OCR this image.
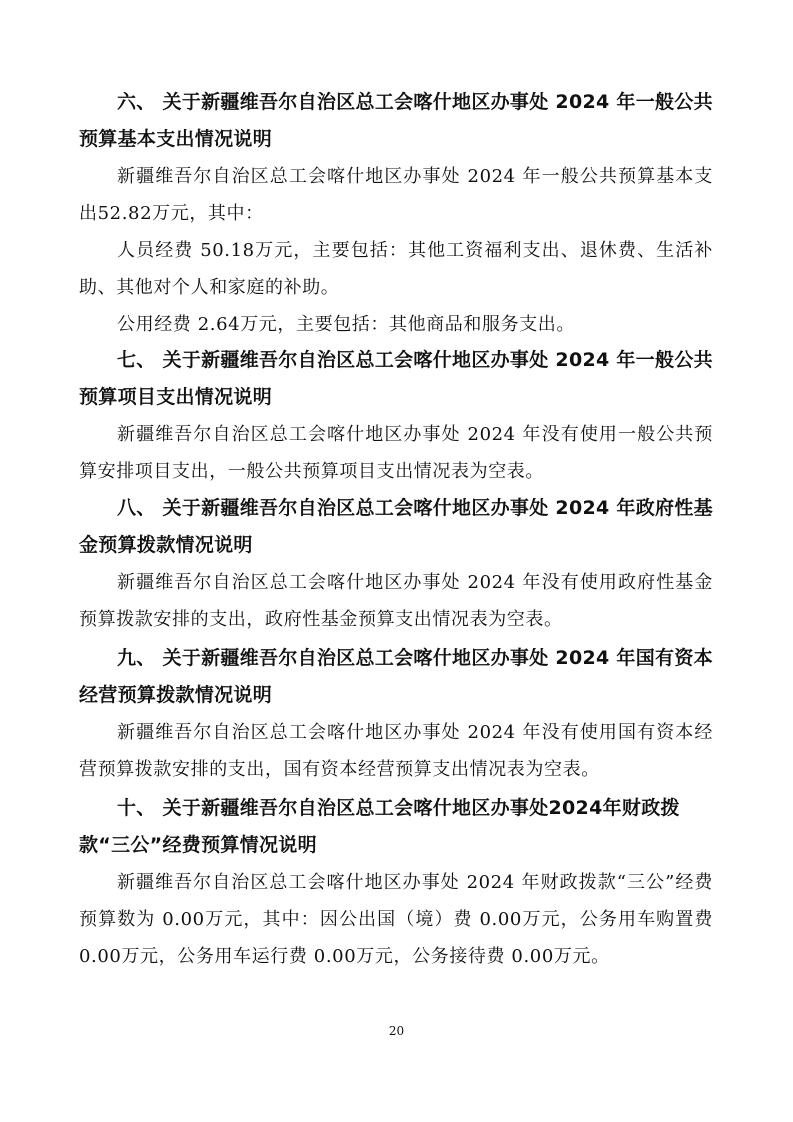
六、 关于新疆维吾尔自治区总工会喀什地区办事处 2024 年一般公共预算基本支出情况说明

新疆维吾尔自治区总工会喀什地区办事处 2024 年一般公共预算基本支出52.82万元，其中：

人员经费 50.18万元，主要包括：其他工资福利支出、退休费、生活补助、其他对个人和家庭的补助。

公用经费 2.64万元，主要包括：其他商品和服务支出。

七、 关于新疆维吾尔自治区总工会喀什地区办事处 2024 年一般公共预算项目支出情况说明

新疆维吾尔自治区总工会喀什地区办事处 2024 年没有使用一般公共预算安排项目支出，一般公共预算项目支出情况表为空表。

八、 关于新疆维吾尔自治区总工会喀什地区办事处 2024 年政府性基金预算拨款情况说明

新疆维吾尔自治区总工会喀什地区办事处 2024 年没有使用政府性基金预算拨款安排的支出，政府性基金预算支出情况表为空表。

九、 关于新疆维吾尔自治区总工会喀什地区办事处 2024 年国有资本经营预算拨款情况说明

新疆维吾尔自治区总工会喀什地区办事处 2024 年没有使用国有资本经营预算拨款安排的支出，国有资本经营预算支出情况表为空表。

十、 关于新疆维吾尔自治区总工会喀什地区办事处2024年财政拨款“三公”经费预算情况说明

新疆维吾尔自治区总工会喀什地区办事处 2024 年财政拨款“三公”经费预算数为 0.00万元，其中：因公出国（境）费 0.00万元，公务用车购置费 0.00万元，公务用车运行费 0.00万元，公务接待费 0.00万元。

20
